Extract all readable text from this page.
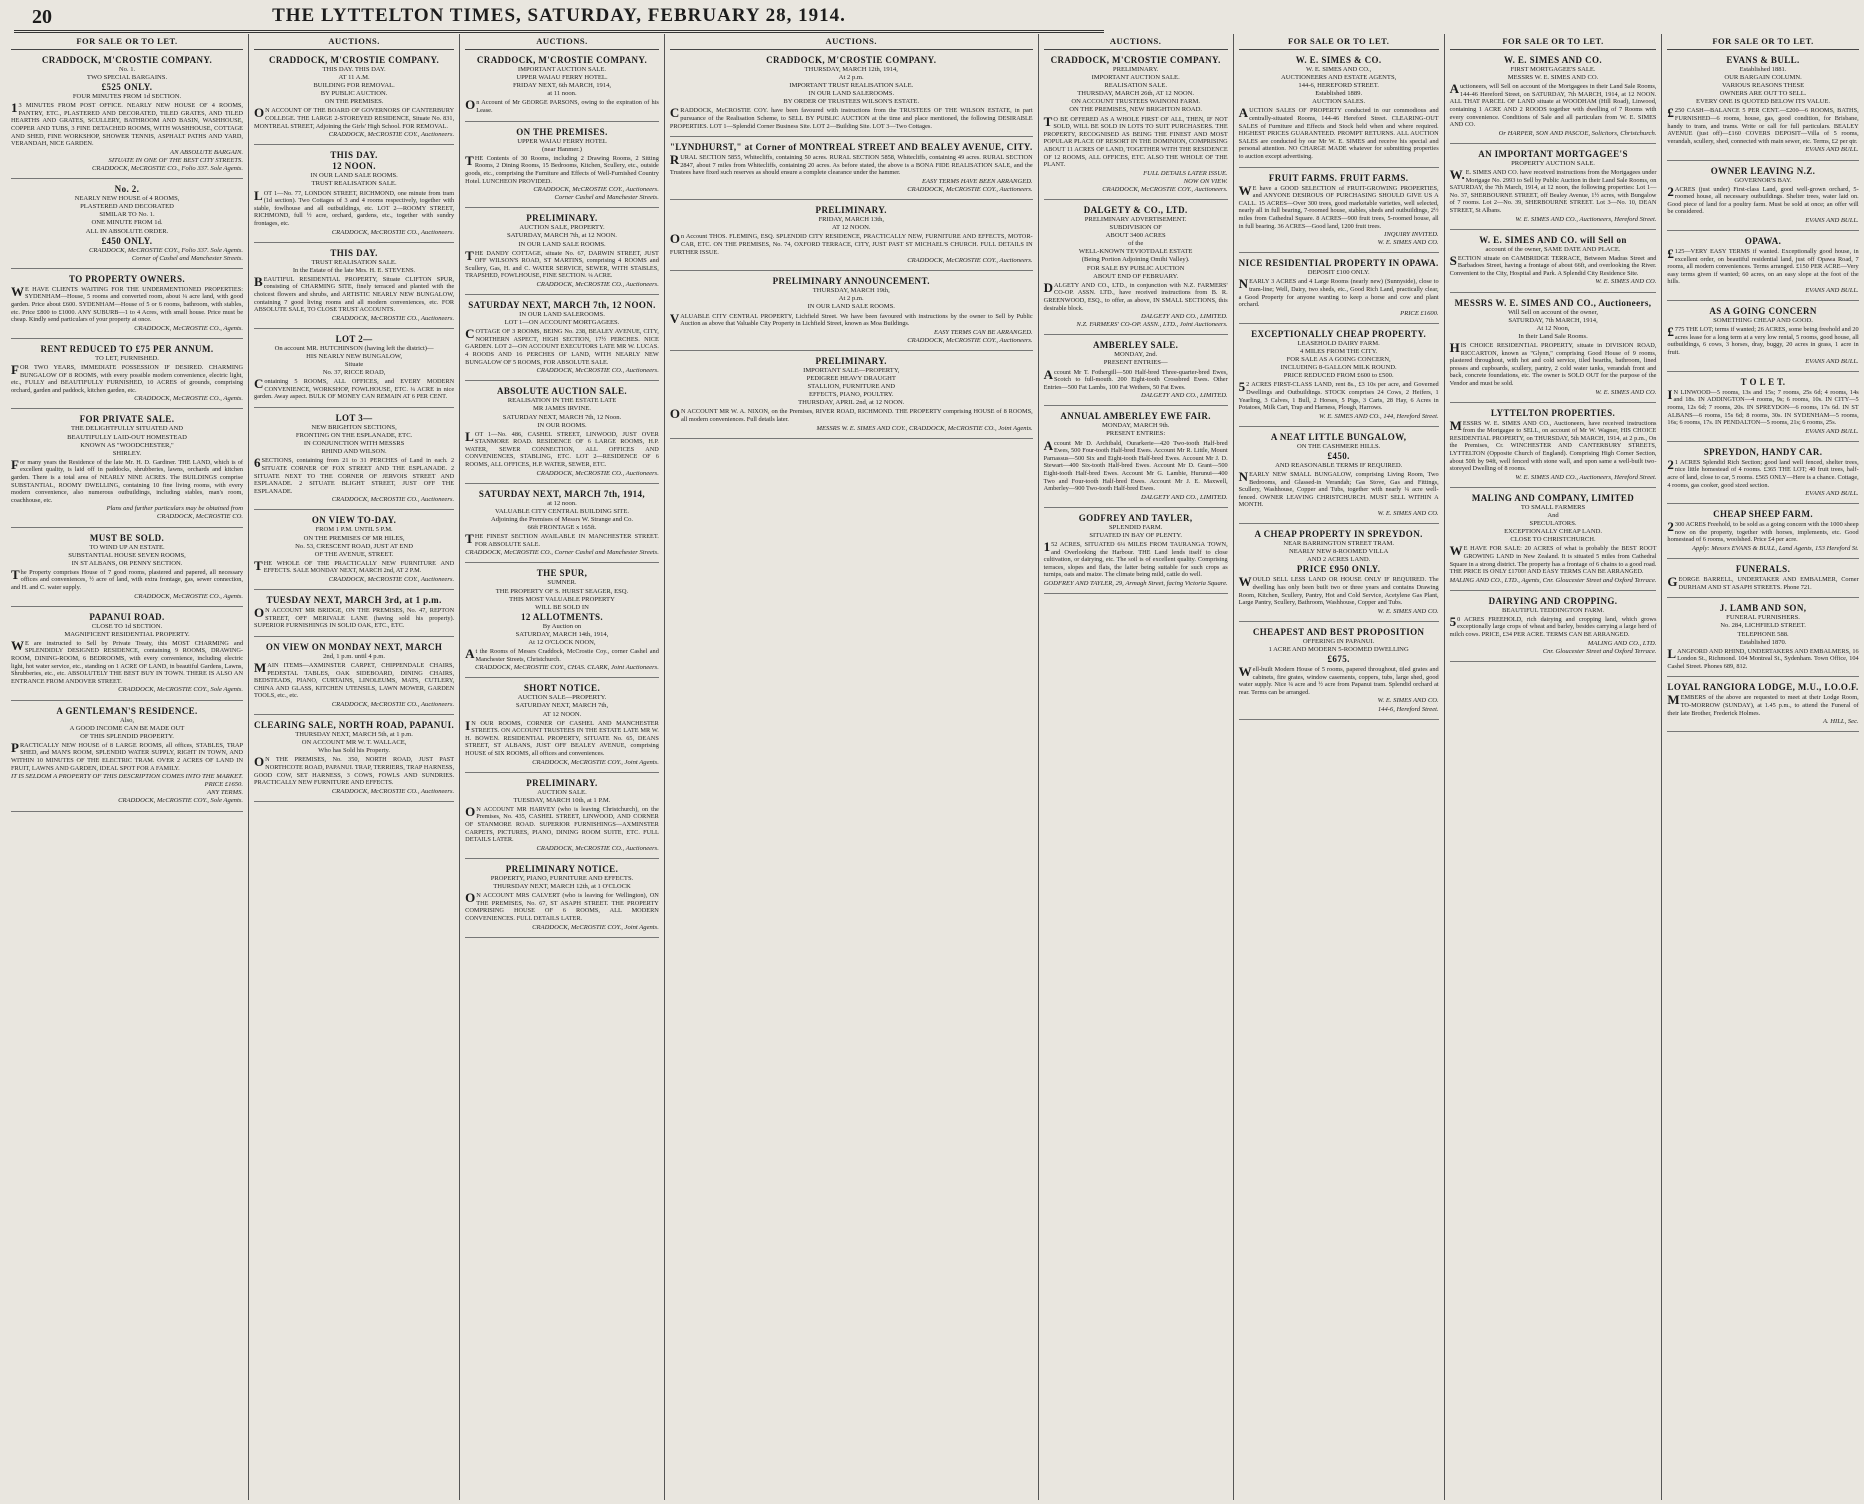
20	THE LYTTELTON TIMES, SATURDAY, FEBRUARY 28, 1914.
FOR SALE OR TO LET.
CRADDOCK, M'CROSTIE COMPANY.
No. 1.
TWO SPECIAL BARGAINS.
£525 ONLY.
FOUR MINUTES FROM 1d SECTION.
13 MINUTES FROM POST OFFICE. NEARLY NEW HOUSE OF 4 ROOMS, PANTRY, ETC., PLASTERED AND DECORATED, TILED GRATES, AND TILED HEARTHS AND GRATES, SCULLERY, BATHROOM AND BASIN, WASHHOUSE, COPPER AND TUBS, 3 FINE DETACHED ROOMS, WITH WASHHOUSE, COTTAGE AND SHED, FINE WORKSHOP, SHOWER TENNIS, ASPHALT PATHS AND YARD, VERANDAH, NICE GARDEN.
AN ABSOLUTE BARGAIN.
SITUATE IN ONE OF THE BEST CITY STREETS.
CRADDOCK, McCROSTIE CO., Folio 337. Sole Agents.
No. 2.
NEARLY NEW HOUSE of 4 ROOMS,
PLASTERED AND DECORATED
SIMILAR TO No. 1.
ONE MINUTE FROM 1d.
ALL IN ABSOLUTE ORDER.
£450 ONLY.
CRADDOCK, McCROSTIE COY., Folio 337. Sole Agents.
Corner of Cashel and Manchester Streets.
TO PROPERTY OWNERS.
WE HAVE CLIENTS WAITING FOR THE UNDERMENTIONED PROPERTIES: SYDENHAM—House, 5 rooms and converted room, about ¼ acre land, with good garden. Price about £600. SYDENHAM—House of 5 or 6 rooms, bathroom, with stables, etc. Price £800 to £1000. ANY SUBURB—1 to 4 Acres, with small house. Price must be cheap. Kindly send particulars of your property at once.
CRADDOCK, McCROSTIE CO., Agents.
RENT REDUCED TO £75 PER ANNUM.
TO LET, FURNISHED.
FOR TWO YEARS, IMMEDIATE POSSESSION IF DESIRED. CHARMING BUNGALOW OF 8 ROOMS, with every possible modern convenience, electric light, etc., FULLY and BEAUTIFULLY FURNISHED, 10 ACRES of grounds, comprising orchard, garden and paddock, kitchen garden, etc.
CRADDOCK, McCROSTIE CO., Agents.
FOR PRIVATE SALE.
THE DELIGHTFULLY SITUATED AND
BEAUTIFULLY LAID-OUT HOMESTEAD
KNOWN AS "WOODCHESTER,"
SHIRLEY.
For many years the Residence of the late Mr. H. D. Gardiner. THE LAND, which is of excellent quality, is laid off in paddocks, shrubberies, lawns, orchards and kitchen garden. There is a total area of NEARLY NINE ACRES. The BUILDINGS comprise SUBSTANTIAL, ROOMY DWELLING, containing 10 fine living rooms, with every modern convenience, also numerous outbuildings, including stables, man's room, coachhouse, etc.
Plans and further particulars may be obtained from
CRADDOCK, McCROSTIE CO.
MUST BE SOLD.
TO WIND UP AN ESTATE.
SUBSTANTIAL HOUSE SEVEN ROOMS,
IN ST ALBANS, OR PENNY SECTION.
The Property comprises House of 7 good rooms, plastered and papered, all necessary offices and conveniences, ½ acre of land, with extra frontage, gas, sewer connection, and H. and C. water supply.
CRADDOCK, McCROSTIE CO., Agents.
PAPANUI ROAD.
CLOSE TO 1d SECTION.
MAGNIFICENT RESIDENTIAL PROPERTY.
WE are instructed to Sell by Private Treaty, this MOST CHARMING and SPLENDIDLY DESIGNED RESIDENCE, containing 9 ROOMS, DRAWING-ROOM, DINING-ROOM, 6 BEDROOMS, with every convenience, including electric light, hot water service, etc., standing on 1 ACRE OF LAND, in beautiful Gardens, Lawns, Shrubberies, etc., etc. ABSOLUTELY THE BEST BUY IN TOWN. THERE IS ALSO AN ENTRANCE FROM ANDOVER STREET.
CRADDOCK, McCROSTIE COY., Sole Agents.
A GENTLEMAN'S RESIDENCE.
Also,
A GOOD INCOME CAN BE MADE OUT
OF THIS SPLENDID PROPERTY.
PRACTICALLY NEW HOUSE of 8 LARGE ROOMS, all offices, STABLES, TRAP SHED, and MAN'S ROOM, SPLENDID WATER SUPPLY, RIGHT IN TOWN, AND WITHIN 10 MINUTES OF THE ELECTRIC TRAM. OVER 2 ACRES OF LAND IN FRUIT, LAWNS AND GARDEN, IDEAL SPOT FOR A FAMILY.
IT IS SELDOM A PROPERTY OF THIS DESCRIPTION COMES INTO THE MARKET.
PRICE £1650.
ANY TERMS.
CRADDOCK, McCROSTIE COY., Sole Agents.
AUCTIONS.
CRADDOCK, M'CROSTIE COMPANY.
THIS DAY. THIS DAY.
AT 11 A.M.
BUILDING FOR REMOVAL.
BY PUBLIC AUCTION.
ON THE PREMISES.
ON ACCOUNT OF THE BOARD OF GOVERNORS OF CANTERBURY COLLEGE. THE LARGE 2-STOREYED RESIDENCE, Situate No. 831, MONTREAL STREET, Adjoining the Girls' High School. FOR REMOVAL.
CRADDOCK, McCROSTIE COY., Auctioneers.
THIS DAY.
12 NOON.
IN OUR LAND SALE ROOMS.
TRUST REALISATION SALE.
LOT 1—No. 77, LONDON STREET, RICHMOND, one minute from tram (1d section). Two Cottages of 3 and 4 rooms respectively, together with stable, fowlhouse and all outbuildings, etc. LOT 2—ROOMY STREET, RICHMOND, full ½ acre, orchard, gardens, etc., together with sundry frontages, etc.
CRADDOCK, McCROSTIE CO., Auctioneers.
THIS DAY.
TRUST REALISATION SALE.
In the Estate of the late Mrs. H. E. STEVENS.
BEAUTIFUL RESIDENTIAL PROPERTY, Situate CLIFTON SPUR, consisting of CHARMING SITE, finely terraced and planted with the choicest flowers and shrubs, and ARTISTIC NEARLY NEW BUNGALOW, containing 7 good living rooms and all modern conveniences, etc. FOR ABSOLUTE SALE, TO CLOSE TRUST ACCOUNTS.
CRADDOCK, McCROSTIE CO., Auctioneers.
LOT 2—
On account MR. HUTCHINSON (having left the district)—
HIS NEARLY NEW BUNGALOW,
Situate
No. 37, RICCE ROAD,
Containing 5 ROOMS, ALL OFFICES, and EVERY MODERN CONVENIENCE, WORKSHOP, FOWLHOUSE, ETC. ¼ ACRE in nice garden. Away aspect. BULK OF MONEY CAN REMAIN AT 6 PER CENT.
LOT 3—
NEW BRIGHTON SECTIONS,
FRONTING ON THE ESPLANADE, ETC.
IN CONJUNCTION WITH MESSRS
RHIND AND WILSON.
6SECTIONS, containing from 21 to 31 PERCHES of Land in each. 2 SITUATE CORNER OF FOX STREET AND THE ESPLANADE. 2 SITUATE NEXT TO THE CORNER OF JERVOIS STREET AND ESPLANADE. 2 SITUATE BLIGHT STREET, JUST OFF THE ESPLANADE.
CRADDOCK, McCROSTIE CO., Auctioneers.
ON VIEW TO-DAY.
FROM 1 P.M. UNTIL 5 P.M.
ON THE PREMISES OF MR HILES,
No. 53, CRESCENT ROAD, JUST AT END
OF THE AVENUE, STREET.
THE WHOLE OF THE PRACTICALLY NEW FURNITURE AND EFFECTS. SALE MONDAY NEXT, MARCH 2nd, AT 2 P.M.
CRADDOCK, McCROSTIE COY., Auctioneers.
TUESDAY NEXT, MARCH 3rd, at 1 p.m.
ON ACCOUNT MR BRIDGE, ON THE PREMISES, No. 47, REPTON STREET, OFF MERIVALE LANE (having sold his property). SUPERIOR FURNISHINGS IN SOLID OAK, ETC., ETC.
ON VIEW ON MONDAY NEXT, MARCH
2nd, 1 p.m. until 4 p.m.
MAIN ITEMS—AXMINSTER CARPET, CHIPPENDALE CHAIRS, PEDESTAL TABLES, OAK SIDEBOARD, DINING CHAIRS, BEDSTEADS, PIANO, CURTAINS, LINOLEUMS, MATS, CUTLERY, CHINA AND GLASS, KITCHEN UTENSILS, LAWN MOWER, GARDEN TOOLS, etc., etc.
CRADDOCK, McCROSTIE CO., Auctioneers.
CLEARING SALE, NORTH ROAD, PAPANUI.
THURSDAY NEXT, MARCH 5th, at 1 p.m.
ON ACCOUNT MR W. T. WALLACE,
Who has Sold his Property.
ON THE PREMISES, No. 350, NORTH ROAD, JUST PAST NORTHCOTE ROAD, PAPANUI. TRAP, TERRIERS, TRAP HARNESS, GOOD COW, SET HARNESS, 3 COWS, FOWLS AND SUNDRIES. PRACTICALLY NEW FURNITURE AND EFFECTS.
CRADDOCK, McCROSTIE CO., Auctioneers.
AUCTIONS.
CRADDOCK, M'CROSTIE COMPANY.
IMPORTANT AUCTION SALE.
UPPER WAIAU FERRY HOTEL.
FRIDAY NEXT, 6th MARCH, 1914,
at 11 noon.
On Account of Mr GEORGE PARSONS, owing to the expiration of his Lease.
ON THE PREMISES.
UPPER WAIAU FERRY HOTEL
(near Hanmer.)
THE Contents of 30 Rooms, including 2 Drawing Rooms, 2 Sitting Rooms, 2 Dining Rooms, 15 Bedrooms, Kitchen, Scullery, etc., outside goods, etc., comprising the Furniture and Effects of Well-Furnished Country Hotel. LUNCHEON PROVIDED.
CRADDOCK, McCROSTIE COY., Auctioneers.
Corner Cashel and Manchester Streets.
PRELIMINARY.
AUCTION SALE, PROPERTY.
SATURDAY, MARCH 7th, at 12 NOON.
IN OUR LAND SALE ROOMS.
THE DANDY COTTAGE, situate No. 67, DARWIN STREET, JUST OFF WILSON'S ROAD, ST MARTINS, comprising 4 ROOMS and Scullery, Gas, H. and C. WATER SERVICE, SEWER, WITH STABLES, TRAPSHED, FOWLHOUSE, FINE SECTION. ¼ ACRE.
CRADDOCK, McCROSTIE CO., Auctioneers.
SATURDAY NEXT, MARCH 7th, 12 NOON.
IN OUR LAND SALEROOMS.
LOT 1—ON ACCOUNT MORTGAGEES.
COTTAGE OF 3 ROOMS, BEING No. 238, BEALEY AVENUE, CITY, NORTHERN ASPECT, HIGH SECTION, 17½ PERCHES. NICE GARDEN. LOT 2—ON ACCOUNT EXECUTORS LATE MR W. LUCAS. 4 ROODS AND 16 PERCHES OF LAND, WITH NEARLY NEW BUNGALOW OF 5 ROOMS, FOR ABSOLUTE SALE.
CRADDOCK, McCROSTIE CO., Auctioneers.
ABSOLUTE AUCTION SALE.
REALISATION IN THE ESTATE LATE
MR JAMES IRVINE.
SATURDAY NEXT, MARCH 7th, 12 Noon.
IN OUR ROOMS.
LOT 1—No. 486, CASHEL STREET, LINWOOD, JUST OVER STANMORE ROAD. RESIDENCE OF 6 LARGE ROOMS, H.P. WATER, SEWER CONNECTION, ALL OFFICES AND CONVENIENCES, STABLING, ETC. LOT 2—RESIDENCE OF 6 ROOMS, ALL OFFICES, H.P. WATER, SEWER, ETC.
CRADDOCK, McCROSTIE CO., Auctioneers.
SATURDAY NEXT, MARCH 7th, 1914,
at 12 noon.
VALUABLE CITY CENTRAL BUILDING SITE.
Adjoining the Premises of Messrs W. Strange and Co.
66ft FRONTAGE x 165ft.
THE FINEST SECTION AVAILABLE IN MANCHESTER STREET. FOR ABSOLUTE SALE.
CRADDOCK, McCROSTIE CO., Corner Cashel and Manchester Streets.
THE SPUR,
SUMNER.
THE PROPERTY OF S. HURST SEAGER, ESQ.
THIS MOST VALUABLE PROPERTY
WILL BE SOLD IN
12 ALLOTMENTS.
By Auction on
SATURDAY, MARCH 14th, 1914,
At 12 O'CLOCK NOON,
At the Rooms of Messrs Craddock, McCrostie Coy., corner Cashel and Manchester Streets, Christchurch.
CRADDOCK, McCROSTIE COY., CHAS. CLARK, Joint Auctioneers.
SHORT NOTICE.
AUCTION SALE—PROPERTY.
SATURDAY NEXT, MARCH 7th,
AT 12 NOON.
IN OUR ROOMS, CORNER OF CASHEL AND MANCHESTER STREETS. ON ACCOUNT TRUSTEES IN THE ESTATE LATE MR W. H. BOWEN. RESIDENTIAL PROPERTY, SITUATE No. 65, DEANS STREET, ST ALBANS, JUST OFF BEALEY AVENUE, comprising HOUSE of SIX ROOMS, all offices and conveniences.
CRADDOCK, McCROSTIE COY., Joint Agents.
PRELIMINARY.
AUCTION SALE.
TUESDAY, MARCH 10th, at 1 P.M.
ON ACCOUNT MR HARVEY (who is leaving Christchurch), on the Premises, No. 435, CASHEL STREET, LINWOOD, AND CORNER OF STANMORE ROAD. SUPERIOR FURNISHINGS—AXMINSTER CARPETS, PICTURES, PIANO, DINING ROOM SUITE, ETC. FULL DETAILS LATER.
CRADDOCK, McCROSTIE CO., Auctioneers.
PRELIMINARY NOTICE.
PROPERTY, PIANO, FURNITURE AND EFFECTS.
THURSDAY NEXT, MARCH 12th, at 1 O'CLOCK
ON ACCOUNT MRS CALVERT (who is leaving for Wellington), ON THE PREMISES, No. 67, ST ASAPH STREET. THE PROPERTY COMPRISING HOUSE OF 6 ROOMS, ALL MODERN CONVENIENCES. FULL DETAILS LATER.
CRADDOCK, McCROSTIE COY., Joint Agents.
AUCTIONS.
CRADDOCK, M'CROSTIE COMPANY.
THURSDAY, MARCH 12th, 1914,
At 2 p.m.
IMPORTANT TRUST REALISATION SALE.
IN OUR LAND SALEROOMS.
BY ORDER OF TRUSTEES WILSON'S ESTATE.
CRADDOCK, McCROSTIE COY. have been favoured with instructions from the TRUSTEES OF THE WILSON ESTATE, in part pursuance of the Realisation Scheme, to SELL BY PUBLIC AUCTION at the time and place mentioned, the following DESIRABLE PROPERTIES. LOT 1—Splendid Corner Business Site. LOT 2—Building Site. LOT 3—Two Cottages.
"LYNDHURST," at Corner of MONTREAL STREET AND BEALEY AVENUE, CITY.
RURAL SECTION 5855, Whitecliffs, containing 50 acres. RURAL SECTION 5858, Whitecliffs, containing 49 acres. RURAL SECTION 2847, about 7 miles from Whitecliffs, containing 20 acres. As before stated, the above is a BONA FIDE REALISATION SALE, and the Trustees have fixed such reserves as should ensure a complete clearance under the hammer.
EASY TERMS HAVE BEEN ARRANGED.
CRADDOCK, McCROSTIE COY., Auctioneers.
PRELIMINARY.
FRIDAY, MARCH 13th,
AT 12 NOON.
On Account THOS. FLEMING, ESQ. SPLENDID CITY RESIDENCE, PRACTICALLY NEW, FURNITURE AND EFFECTS, MOTOR-CAR, ETC. ON THE PREMISES, No. 74, OXFORD TERRACE, CITY, JUST PAST ST MICHAEL'S CHURCH. FULL DETAILS IN FURTHER ISSUE.
CRADDOCK, McCROSTIE COY., Auctioneers.
PRELIMINARY ANNOUNCEMENT.
THURSDAY, MARCH 19th,
At 2 p.m.
IN OUR LAND SALE ROOMS.
VALUABLE CITY CENTRAL PROPERTY, Lichfield Street. We have been favoured with instructions by the owner to Sell by Public Auction as above that Valuable City Property in Lichfield Street, known as Moa Buildings.
EASY TERMS CAN BE ARRANGED.
CRADDOCK, McCROSTIE COY., Auctioneers.
PRELIMINARY.
IMPORTANT SALE—PROPERTY,
PEDIGREE HEAVY DRAUGHT
STALLION, FURNITURE AND
EFFECTS, PIANO, POULTRY.
THURSDAY, APRIL 2nd, at 12 NOON.
ON ACCOUNT MR W. A. NIXON, on the Premises, RIVER ROAD, RICHMOND. THE PROPERTY comprising HOUSE of 8 ROOMS, all modern conveniences. Full details later.
MESSRS W. E. SIMES AND COY., CRADDOCK, McCROSTIE CO., Joint Agents.
AUCTIONS.
CRADDOCK, M'CROSTIE COMPANY.
PRELIMINARY.
IMPORTANT AUCTION SALE.
REALISATION SALE.
THURSDAY, MARCH 26th, AT 12 NOON.
ON ACCOUNT TRUSTEES WAINONI FARM.
ON THE PREMISES, NEW BRIGHTON ROAD.
TO BE OFFERED AS A WHOLE FIRST OF ALL, THEN, IF NOT SOLD, WILL BE SOLD IN LOTS TO SUIT PURCHASERS. THE PROPERTY, RECOGNISED AS BEING THE FINEST AND MOST POPULAR PLACE OF RESORT IN THE DOMINION, COMPRISING ABOUT 11 ACRES OF LAND, TOGETHER WITH THE RESIDENCE OF 12 ROOMS, ALL OFFICES, ETC. ALSO THE WHOLE OF THE PLANT.
FULL DETAILS LATER ISSUE.
NOW ON VIEW.
CRADDOCK, McCROSTIE COY., Auctioneers.
DALGETY & CO., LTD.
PRELIMINARY ADVERTISEMENT.
SUBDIVISION OF
ABOUT 3400 ACRES
of the
WELL-KNOWN TEVIOTDALE ESTATE
(Being Portion Adjoining Omihi Valley).
FOR SALE BY PUBLIC AUCTION
ABOUT END OF FEBRUARY.
DALGETY AND CO., LTD., in conjunction with N.Z. FARMERS' CO-OP. ASSN. LTD., have received instructions from B. R. GREENWOOD, ESQ., to offer, as above, IN SMALL SECTIONS, this desirable block.
DALGETY AND CO., LIMITED.
N.Z. FARMERS' CO-OP. ASSN., LTD., Joint Auctioneers.
AMBERLEY SALE.
MONDAY, 2nd.
PRESENT ENTRIES—
Account Mr T. Fothergill—500 Half-bred Three-quarter-bred Ewes, Scotch to full-mouth. 200 Eight-tooth Crossbred Ewes. Other Entries—500 Fat Lambs, 100 Fat Wethers, 50 Fat Ewes.
DALGETY AND CO., LIMITED.
ANNUAL AMBERLEY EWE FAIR.
MONDAY, MARCH 9th.
PRESENT ENTRIES:
Account Mr D. Archibald, Ourarkerie—420 Two-tooth Half-bred Ewes, 500 Four-tooth Half-bred Ewes. Account Mr R. Little, Mount Parnassus—500 Six and Eight-tooth Half-bred Ewes. Account Mr J. D. Stewart—400 Six-tooth Half-bred Ewes. Account Mr D. Grant—500 Eight-tooth Half-bred Ewes. Account Mr G. Lambie, Hurunui—400 Two and Four-tooth Half-bred Ewes. Account Mr J. E. Maxwell, Amberley—900 Two-tooth Half-bred Ewes.
DALGETY AND CO., LIMITED.
GODFREY AND TAYLER,
SPLENDID FARM.
SITUATED IN BAY OF PLENTY.
152 ACRES, SITUATED 6¼ MILES FROM TAURANGA TOWN, and Overlooking the Harbour. THE Land lends itself to close cultivation, or dairying, etc. The soil is of excellent quality. Comprising terraces, slopes and flats, the latter being suitable for such crops as turnips, oats and maize. The climate being mild, cattle do well.
GODFREY AND TAYLER, 29, Armagh Street, facing Victoria Square.
FOR SALE OR TO LET.
W. E. SIMES & CO.
W. E. SIMES AND CO.,
AUCTIONEERS AND ESTATE AGENTS,
144-6, HEREFORD STREET.
Established 1889.
AUCTION SALES.
AUCTION SALES OF PROPERTY conducted in our commodious and centrally-situated Rooms, 144-46 Hereford Street. CLEARING-OUT SALES of Furniture and Effects and Stock held when and where required. HIGHEST PRICES GUARANTEED. PROMPT RETURNS. ALL AUCTION SALES are conducted by our Mr W. E. SIMES and receive his special and personal attention. NO CHARGE MADE whatever for submitting properties to auction except advertising.
FRUIT FARMS. FRUIT FARMS.
WE have a GOOD SELECTION of FRUIT-GROWING PROPERTIES, and ANYONE DESIROUS OF PURCHASING SHOULD GIVE US A CALL. 15 ACRES—Over 300 trees, good marketable varieties, well selected, nearly all in full bearing, 7-roomed house, stables, sheds and outbuildings, 2½ miles from Cathedral Square. 8 ACRES—900 fruit trees, 5-roomed house, all in full bearing. 36 ACRES—Good land, 1200 fruit trees.
INQUIRY INVITED.
W. E. SIMES AND CO.
NICE RESIDENTIAL PROPERTY IN OPAWA.
DEPOSIT £100 ONLY.
NEARLY 3 ACRES and 4 Large Rooms (nearly new) (Sunnyside), close to tram-line; Well, Dairy, two sheds, etc., Good Rich Land, practically clear, a Good Property for anyone wanting to keep a horse and cow and plant orchard.
PRICE £1600.
EXCEPTIONALLY CHEAP PROPERTY.
LEASEHOLD DAIRY FARM.
4 MILES FROM THE CITY.
FOR SALE AS A GOING CONCERN,
INCLUDING 8-GALLON MILK ROUND.
PRICE REDUCED FROM £600 to £500.
52 ACRES FIRST-CLASS LAND, rent 8s., £3 10s per acre, and Governed Dwellings and Outbuildings. STOCK comprises 24 Cows, 2 Heifers, 1 Yearling, 3 Calves, 1 Bull, 2 Horses, 5 Pigs, 3 Carts, 28 Hay, 6 Acres in Potatoes, Milk Cart, Trap and Harness, Plough, Harrows.
W. E. SIMES AND CO., 144, Hereford Street.
A NEAT LITTLE BUNGALOW,
ON THE CASHMERE HILLS.
£450.
AND REASONABLE TERMS IF REQUIRED.
NEARLY NEW SMALL BUNGALOW, comprising Living Room, Two Bedrooms, and Glassed-in Verandah; Gas Stove, Gas and Fittings, Scullery, Washhouse, Copper and Tubs, together with nearly ¼ acre well-fenced. OWNER LEAVING CHRISTCHURCH. MUST SELL WITHIN A MONTH.
W. E. SIMES AND CO.
A CHEAP PROPERTY IN SPREYDON.
NEAR BARRINGTON STREET TRAM.
NEARLY NEW 8-ROOMED VILLA
AND 2 ACRES LAND.
PRICE £950 ONLY.
WOULD SELL LESS LAND OR HOUSE ONLY IF REQUIRED. The dwelling has only been built two or three years and contains Drawing Room, Kitchen, Scullery, Pantry, Hot and Cold Service, Acetylene Gas Plant, Large Pantry, Scullery, Bathroom, Washhouse, Copper and Tubs.
W. E. SIMES AND CO.
CHEAPEST AND BEST PROPOSITION
OFFERING IN PAPANUI.
1 ACRE AND MODERN 5-ROOMED DWELLING
£675.
Well-built Modern House of 5 rooms, papered throughout, tiled grates and cabinets, fire grates, window casements, coppers, tubs, large shed, good water supply. Nice ¼ acre and ½ acre from Papanui tram. Splendid orchard at rear. Terms can be arranged.
W. E. SIMES AND CO.
144-6, Hereford Street.
FOR SALE OR TO LET.
W. E. SIMES AND CO.
FIRST MORTGAGEE'S SALE.
MESSRS W. E. SIMES AND CO.
Auctioneers, will Sell on account of the Mortgagees in their Land Sale Rooms, 144-46 Hereford Street, on SATURDAY, 7th MARCH, 1914, at 12 NOON. ALL THAT PARCEL OF LAND situate at WOODHAM (Hill Road), Linwood, containing 1 ACRE AND 2 ROODS together with dwelling of 7 Rooms with every convenience. Conditions of Sale and all particulars from W. E. SIMES AND CO.
Or HARPER, SON AND PASCOE, Solicitors, Christchurch.
AN IMPORTANT MORTGAGEE'S
PROPERTY AUCTION SALE.
W.E. SIMES AND CO. have received instructions from the Mortgagees under Mortgage No. 2993 to Sell by Public Auction in their Land Sale Rooms, on SATURDAY, the 7th March, 1914, at 12 noon, the following properties: Lot 1—No. 37, SHERBOURNE STREET, off Bealey Avenue, 1½ acres, with Bungalow of 7 rooms. Lot 2—No. 39, SHERBOURNE STREET. Lot 3—No. 10, DEAN STREET, St Albans.
W. E. SIMES AND CO., Auctioneers, Hereford Street.
W. E. SIMES AND CO. will Sell on
account of the owner, SAME DATE AND PLACE.
SECTION situate on CAMBRIDGE TERRACE, Between Madras Street and Barbadoes Street, having a frontage of about 66ft, and overlooking the River. Convenient to the City, Hospital and Park. A Splendid City Residence Site.
W. E. SIMES AND CO.
MESSRS W. E. SIMES AND CO., Auctioneers,
Will Sell on account of the owner,
SATURDAY, 7th MARCH, 1914,
At 12 Noon,
In their Land Sale Rooms.
HIS CHOICE RESIDENTIAL PROPERTY, situate in DIVISION ROAD, RICCARTON, known as "Glynn," comprising Good House of 9 rooms, plastered throughout, with hot and cold service, tiled hearths, bathroom, lined presses and cupboards, scullery, pantry, 2 cold water tanks, verandah front and back, concrete foundations, etc. The owner is SOLD OUT for the purpose of the Vendor and must be sold.
W. E. SIMES AND CO.
LYTTELTON PROPERTIES.
MESSRS W. E. SIMES AND CO., Auctioneers, have received instructions from the Mortgagee to SELL, on account of Mr W. Wagner, HIS CHOICE RESIDENTIAL PROPERTY, on THURSDAY, 5th MARCH, 1914, at 2 p.m., On the Premises, Cr. WINCHESTER AND CANTERBURY STREETS, LYTTELTON (Opposite Church of England). Comprising High Corner Section, about 50ft by 94ft, well fenced with stone wall, and upon same a well-built two-storeyed Dwelling of 8 rooms.
W. E. SIMES AND CO., Auctioneers, Hereford Street.
MALING AND COMPANY, LIMITED
TO SMALL FARMERS
And
SPECULATORS.
EXCEPTIONALLY CHEAP LAND.
CLOSE TO CHRISTCHURCH.
WE HAVE FOR SALE: 20 ACRES of what is probably the BEST ROOT GROWING LAND in New Zealand. It is situated 5 miles from Cathedral Square in a strong district. The property has a frontage of 6 chains to a good road. THE PRICE IS ONLY £1700! AND EASY TERMS CAN BE ARRANGED.
MALING AND CO., LTD., Agents, Cnr. Gloucester Street and Oxford Terrace.
DAIRYING AND CROPPING.
BEAUTIFUL TEDDINGTON FARM.
50 ACRES FREEHOLD, rich dairying and cropping land, which grows exceptionally large crops of wheat and barley, besides carrying a large herd of milch cows. PRICE, £34 PER ACRE. TERMS CAN BE ARRANGED.
MALING AND CO., LTD.
Cnr. Gloucester Street and Oxford Terrace.
FOR SALE OR TO LET.
EVANS & BULL.
Established 1881.
OUR BARGAIN COLUMN.
VARIOUS REASONS THESE
OWNERS ARE OUT TO SELL.
EVERY ONE IS QUOTED BELOW ITS VALUE.
£250 CASH—BALANCE 5 PER CENT.—£200—6 ROOMS, BATHS, FURNISHED—6 rooms, house, gas, good condition, for Brisbane, handy to tram, and trams. Write or call for full particulars. BEALEY AVENUE (just off)—£160 COVERS DEPOSIT—Villa of 5 rooms, verandah, scullery, shed, connected with main sewer, etc. Terms, £2 per qtr.
EVANS AND BULL.
OWNER LEAVING N.Z.
GOVERNOR'S BAY.
2ACRES (just under) First-class Land, good well-grown orchard, 5-roomed house, all necessary outbuildings. Shelter trees, water laid on. Good piece of land for a poultry farm. Must be sold at once; an offer will be considered.
EVANS AND BULL.
OPAWA.
£125—VERY EASY TERMS if wanted. Exceptionally good house, in excellent order, on beautiful residential land, just off Opawa Road, 7 rooms, all modern conveniences. Terms arranged. £150 PER ACRE—Very easy terms given if wanted; 60 acres, on an easy slope at the foot of the hills.
EVANS AND BULL.
AS A GOING CONCERN
SOMETHING CHEAP AND GOOD.
£775 THE LOT; terms if wanted; 26 ACRES, some being freehold and 20 acres lease for a long term at a very low rental, 5 rooms, good house, all outbuildings, 6 cows, 3 horses, dray, buggy, 20 acres in grass, 1 acre in fruit.
EVANS AND BULL.
T O L E T.
IN LINWOOD—5 rooms, 13s and 15s; 7 rooms, 25s 6d; 4 rooms, 14s and 18s. IN ADDINGTON—4 rooms, 9s; 6 rooms, 10s. IN CITY—5 rooms, 12s 6d; 7 rooms, 20s. IN SPREYDON—6 rooms, 17s 6d. IN ST ALBANS—6 rooms, 15s 6d; 8 rooms, 30s. IN SYDENHAM—5 rooms, 16s; 6 rooms, 17s. IN PENDALTON—5 rooms, 21s; 6 rooms, 25s.
EVANS AND BULL.
SPREYDON, HANDY CAR.
21 ACRES Splendid Rich Section; good land well fenced, shelter trees, nice little homestead of 4 rooms. £365 THE LOT; 40 fruit trees, half-acre of land, close to car, 5 rooms. £565 ONLY—Here is a chance. Cottage, 4 rooms, gas cooker, good sized section.
EVANS AND BULL.
CHEAP SHEEP FARM.
2300 ACRES Freehold, to be sold as a going concern with the 1000 sheep now on the property, together with horses, implements, etc. Good homestead of 6 rooms, woolshed. Price £4 per acre.
Apply: Messrs EVANS & BULL, Land Agents, 153 Hereford St.
FUNERALS.
GEORGE BARRELL, UNDERTAKER AND EMBALMER, Corner DURHAM AND ST ASAPH STREETS. Phone 721.
J. LAMB AND SON,
FUNERAL FURNISHERS.
No. 284, LICHFIELD STREET.
TELEPHONE 588.
Established 1870.
LANGFORD AND RHIND, UNDERTAKERS AND EMBALMERS, 16 London St., Richmond. 104 Montreal St., Sydenham. Town Office, 104 Cashel Street. Phones 689, 812.
LOYAL RANGIORA LODGE, M.U., I.O.O.F.
MEMBERS of the above are requested to meet at their Lodge Room, TO-MORROW (SUNDAY), at 1.45 p.m., to attend the Funeral of their late Brother, Frederick Holmes.
A. HILL, Sec.
